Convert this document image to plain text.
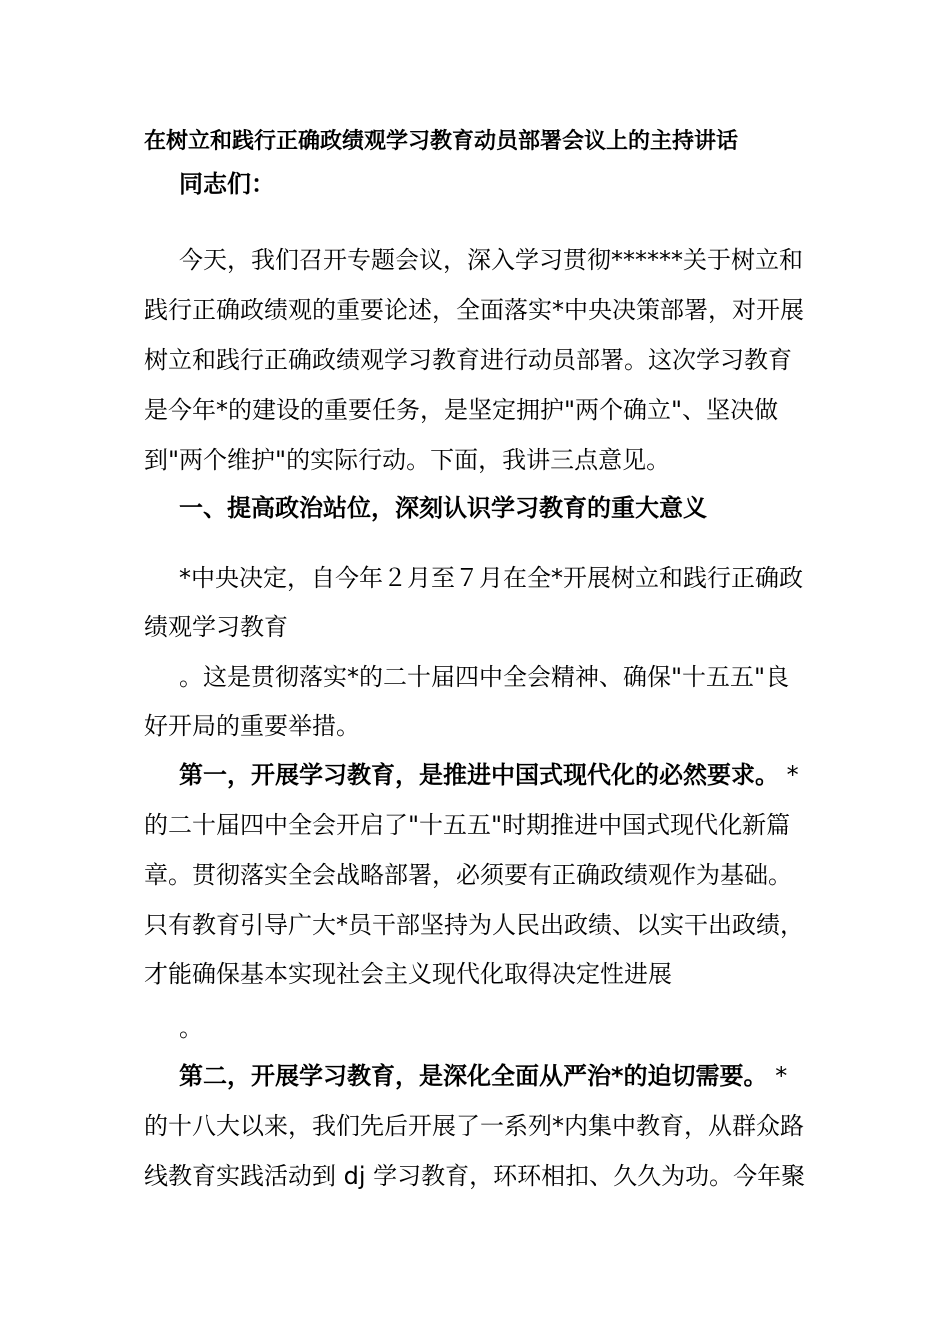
在树立和践行正确政绩观学习教育动员部署会议上的主持讲话
同志们：
今天，我们召开专题会议，深入学习贯彻******关于树立和
践行正确政绩观的重要论述，全面落实*中央决策部署，对开展
树立和践行正确政绩观学习教育进行动员部署。这次学习教育
是今年*的建设的重要任务，是坚定拥护"两个确立"、坚决做
到"两个维护"的实际行动。下面，我讲三点意见。
一、提高政治站位，深刻认识学习教育的重大意义
*中央决定，自今年２月至７月在全*开展树立和践行正确政
绩观学习教育
。这是贯彻落实*的二十届四中全会精神、确保"十五五"良
好开局的重要举措。
第一，开展学习教育，是推进中国式现代化的必然要求。 *
的二十届四中全会开启了"十五五"时期推进中国式现代化新篇
章。贯彻落实全会战略部署，必须要有正确政绩观作为基础。
只有教育引导广大*员干部坚持为人民出政绩、以实干出政绩，
才能确保基本实现社会主义现代化取得决定性进展
。
第二，开展学习教育，是深化全面从严治*的迫切需要。 *
的十八大以来，我们先后开展了一系列*内集中教育，从群众路
线教育实践活动到 dj 学习教育，环环相扣、久久为功。今年聚
